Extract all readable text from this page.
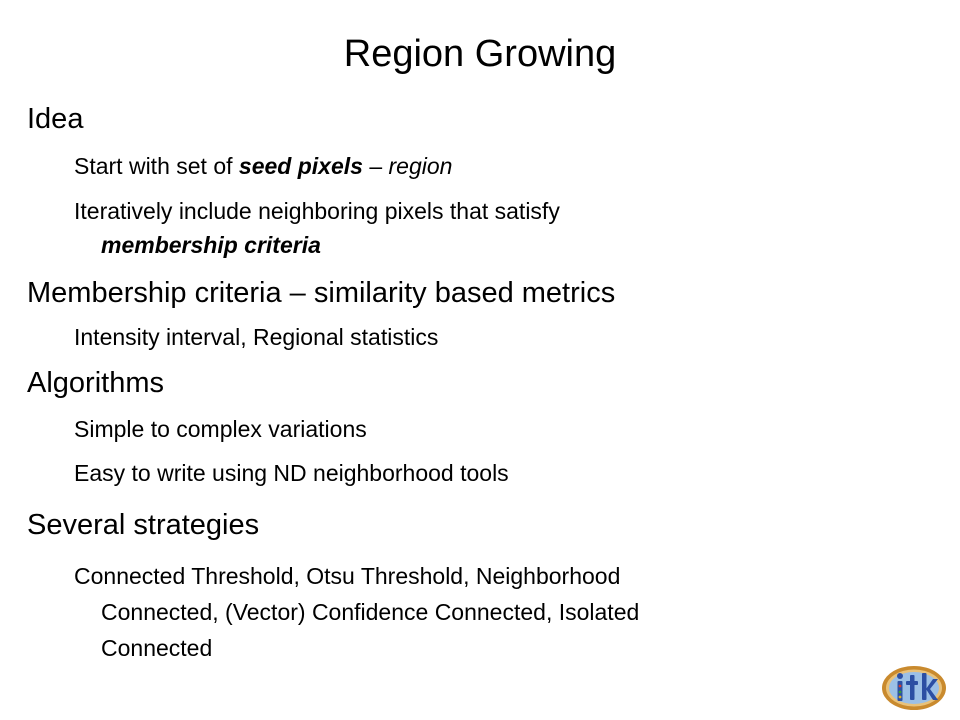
Region Growing
Idea
Start with set of seed pixels – region
Iteratively include neighboring pixels that satisfy
membership criteria
Membership criteria – similarity based metrics
Intensity interval, Regional statistics
Algorithms
Simple to complex variations
Easy to write using ND neighborhood tools
Several strategies
Connected Threshold, Otsu Threshold, Neighborhood
Connected, (Vector) Confidence Connected, Isolated
Connected
